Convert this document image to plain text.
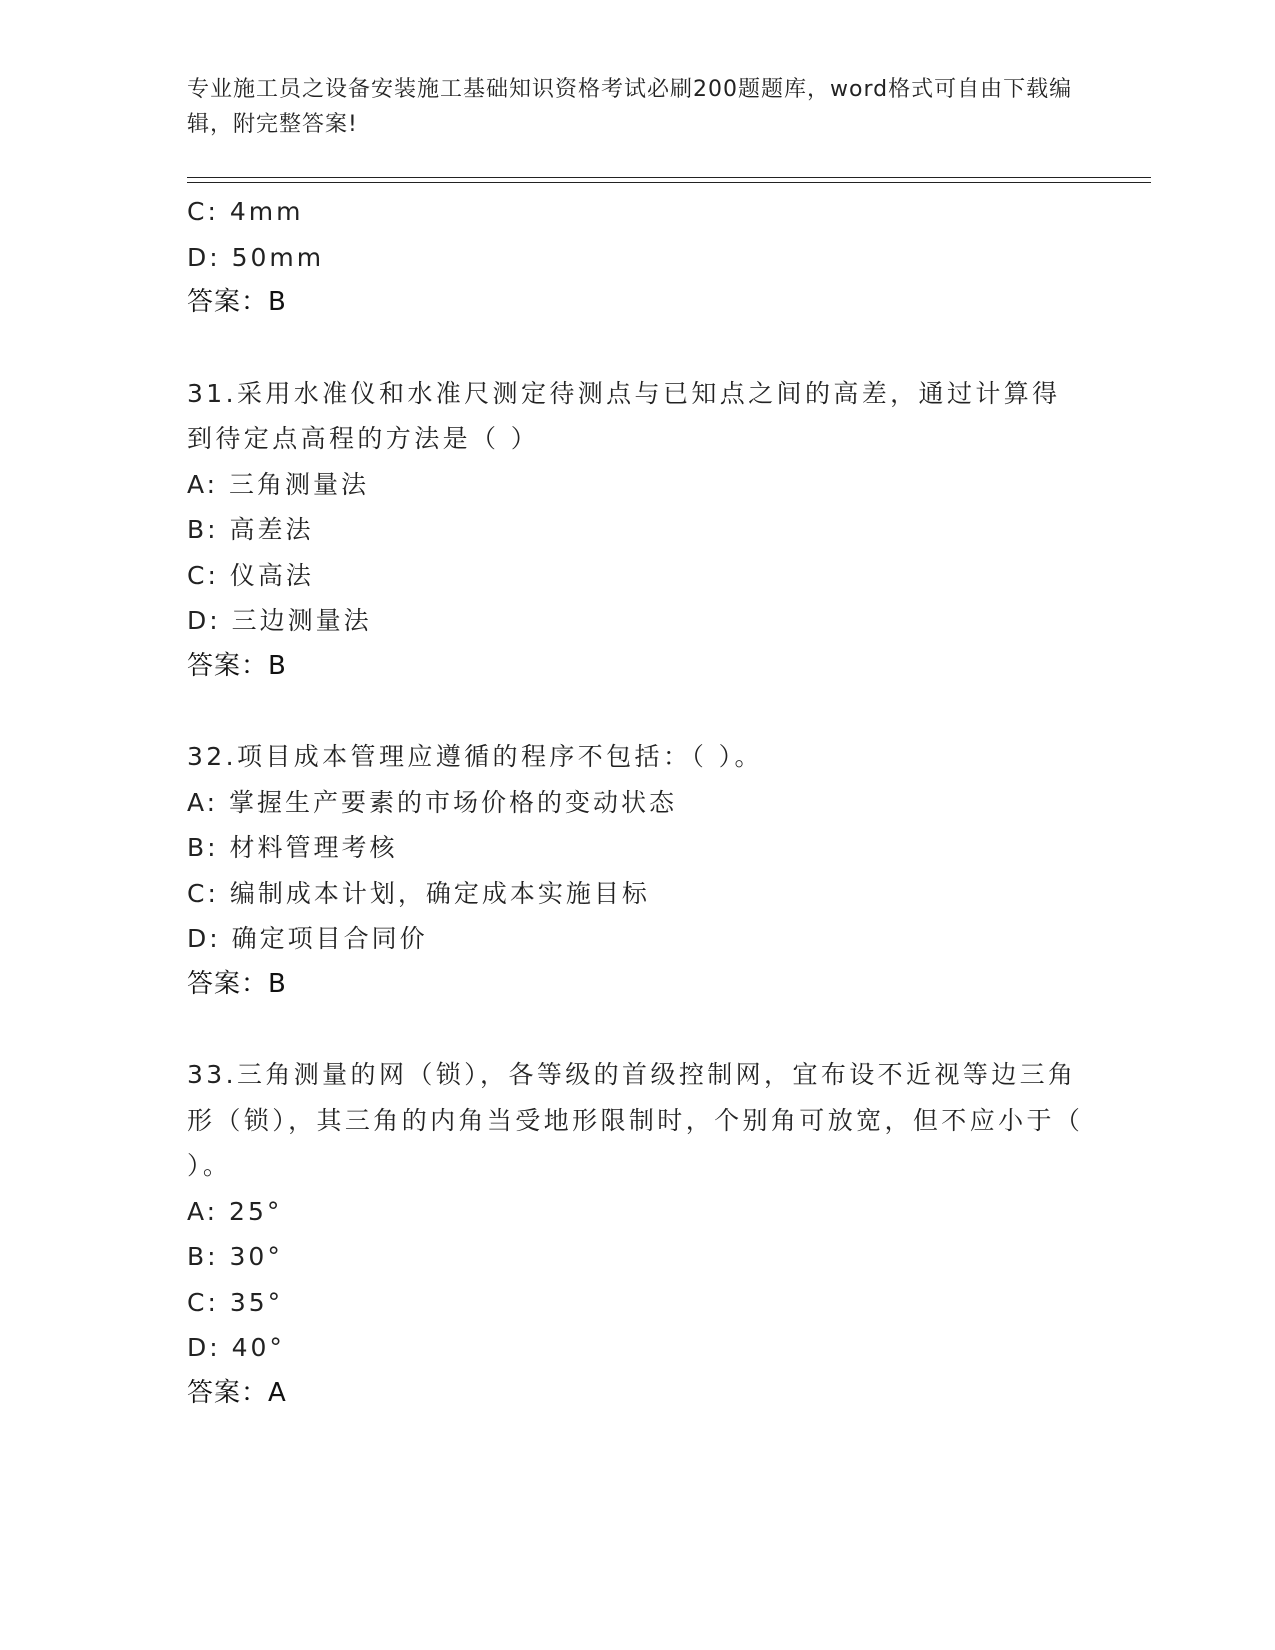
专业施工员之设备安装施工基础知识资格考试必刷200题题库，word格式可自由下载编辑，附完整答案!
C: 4mm
D: 50mm
答案：B
31.采用水准仪和水准尺测定待测点与已知点之间的高差，通过计算得到待定点高程的方法是（ ）
A: 三角测量法
B: 高差法
C: 仪高法
D: 三边测量法
答案：B
32.项目成本管理应遵循的程序不包括：（ ）。
A: 掌握生产要素的市场价格的变动状态
B: 材料管理考核
C: 编制成本计划，确定成本实施目标
D: 确定项目合同价
答案：B
33.三角测量的网（锁），各等级的首级控制网，宜布设不近视等边三角形（锁），其三角的内角当受地形限制时，个别角可放宽，但不应小于（ ）。
A: 25°
B: 30°
C: 35°
D: 40°
答案：A
